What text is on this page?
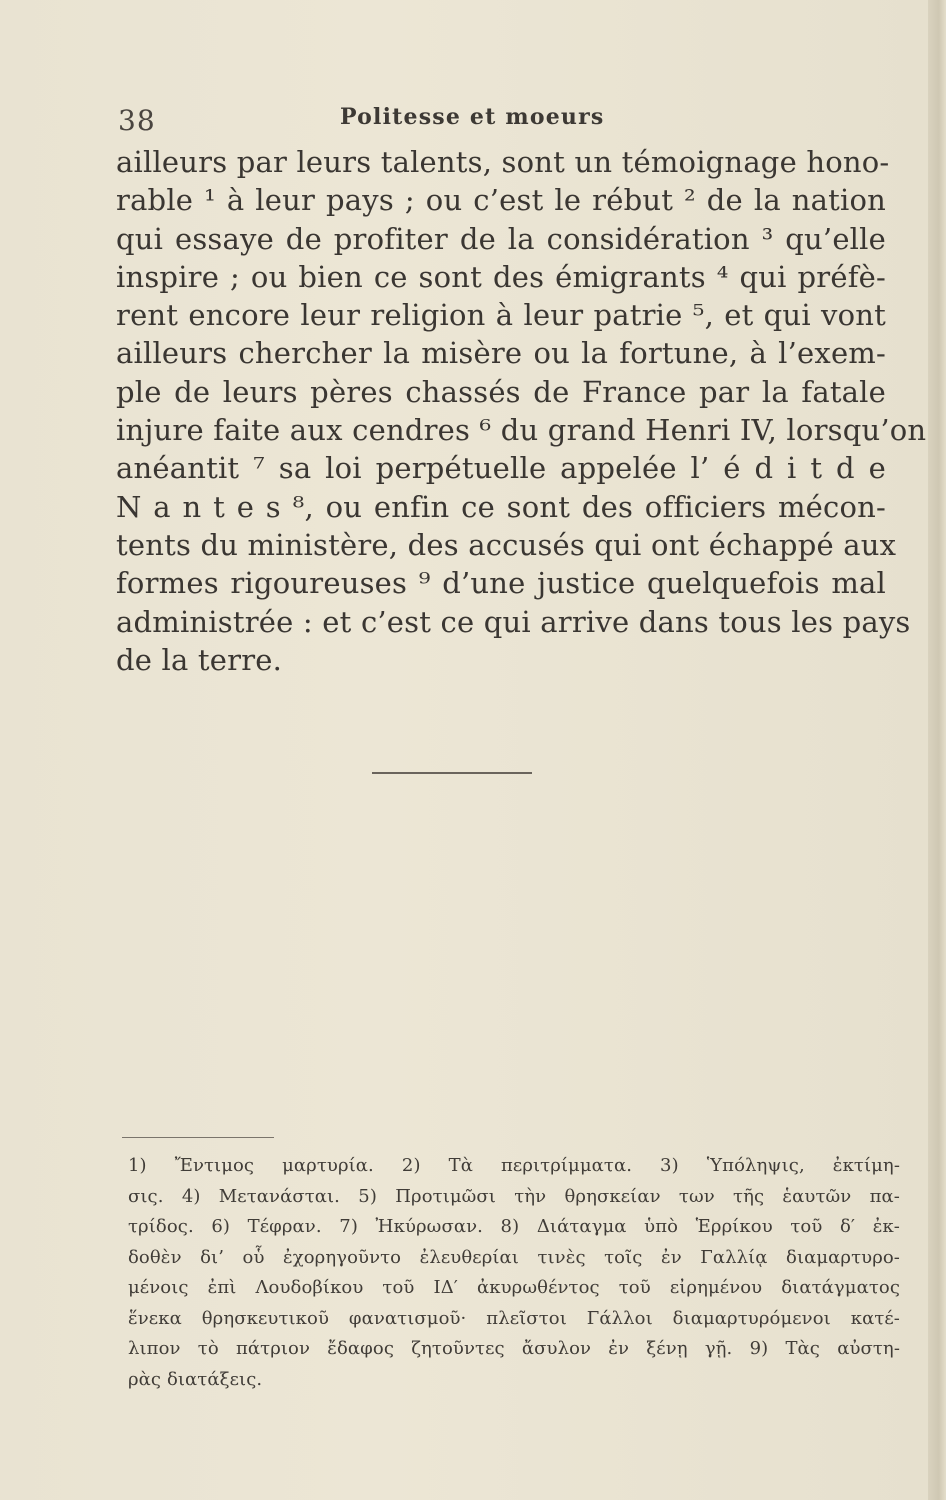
38	Politesse et moeurs
ailleurs par leurs talents, sont un témoignage hono-
rable ¹ à leur pays ; ou c’est le rébut ² de la nation
qui essaye de profiter de la considération ³ qu’elle
inspire ; ou bien ce sont des émigrants ⁴ qui préfè-
rent encore leur religion à leur patrie ⁵, et qui vont
ailleurs chercher la misère ou la fortune, à l’exem-
ple de leurs pères chassés de France par la fatale
injure faite aux cendres ⁶ du grand Henri IV, lorsqu’on
anéantit ⁷ sa loi perpétuelle appelée l’ é d i t d e
N a n t e s ⁸, ou enfin ce sont des officiers mécon-
tents du ministère, des accusés qui ont échappé aux
formes rigoureuses ⁹ d’une justice quelquefois mal
administrée : et c’est ce qui arrive dans tous les pays
de la terre.
1) Ἔντιμος μαρτυρία. 2) Τὰ περιτρίμματα. 3) Ὑπόληψις, ἐκτίμη-
σις. 4) Μετανάσται. 5) Προτιμῶσι τὴν θρησκείαν των τῆς ἑαυτῶν πα-
τρίδος. 6) Τέφραν. 7) Ἠκύρωσαν. 8) Διάταγμα ὑπὸ Ἑρρίκου τοῦ δ′ ἐκ-
δοθὲν δι’ οὗ ἐχορηγοῦντο ἐλευθερίαι τινὲς τοῖς ἐν Γαλλίᾳ διαμαρτυρο-
μένοις ἐπὶ Λουδοβίκου τοῦ ΙΔ′ ἀκυρωθέντος τοῦ εἰρημένου διατάγματος
ἕνεκα θρησκευτικοῦ φανατισμοῦ· πλεῖστοι Γάλλοι διαμαρτυρόμενοι κατέ-
λιπον τὸ πάτριον ἔδαφος ζητοῦντες ἄσυλον ἐν ξένῃ γῇ. 9) Τὰς αὐστη-
ρὰς διατάξεις.
